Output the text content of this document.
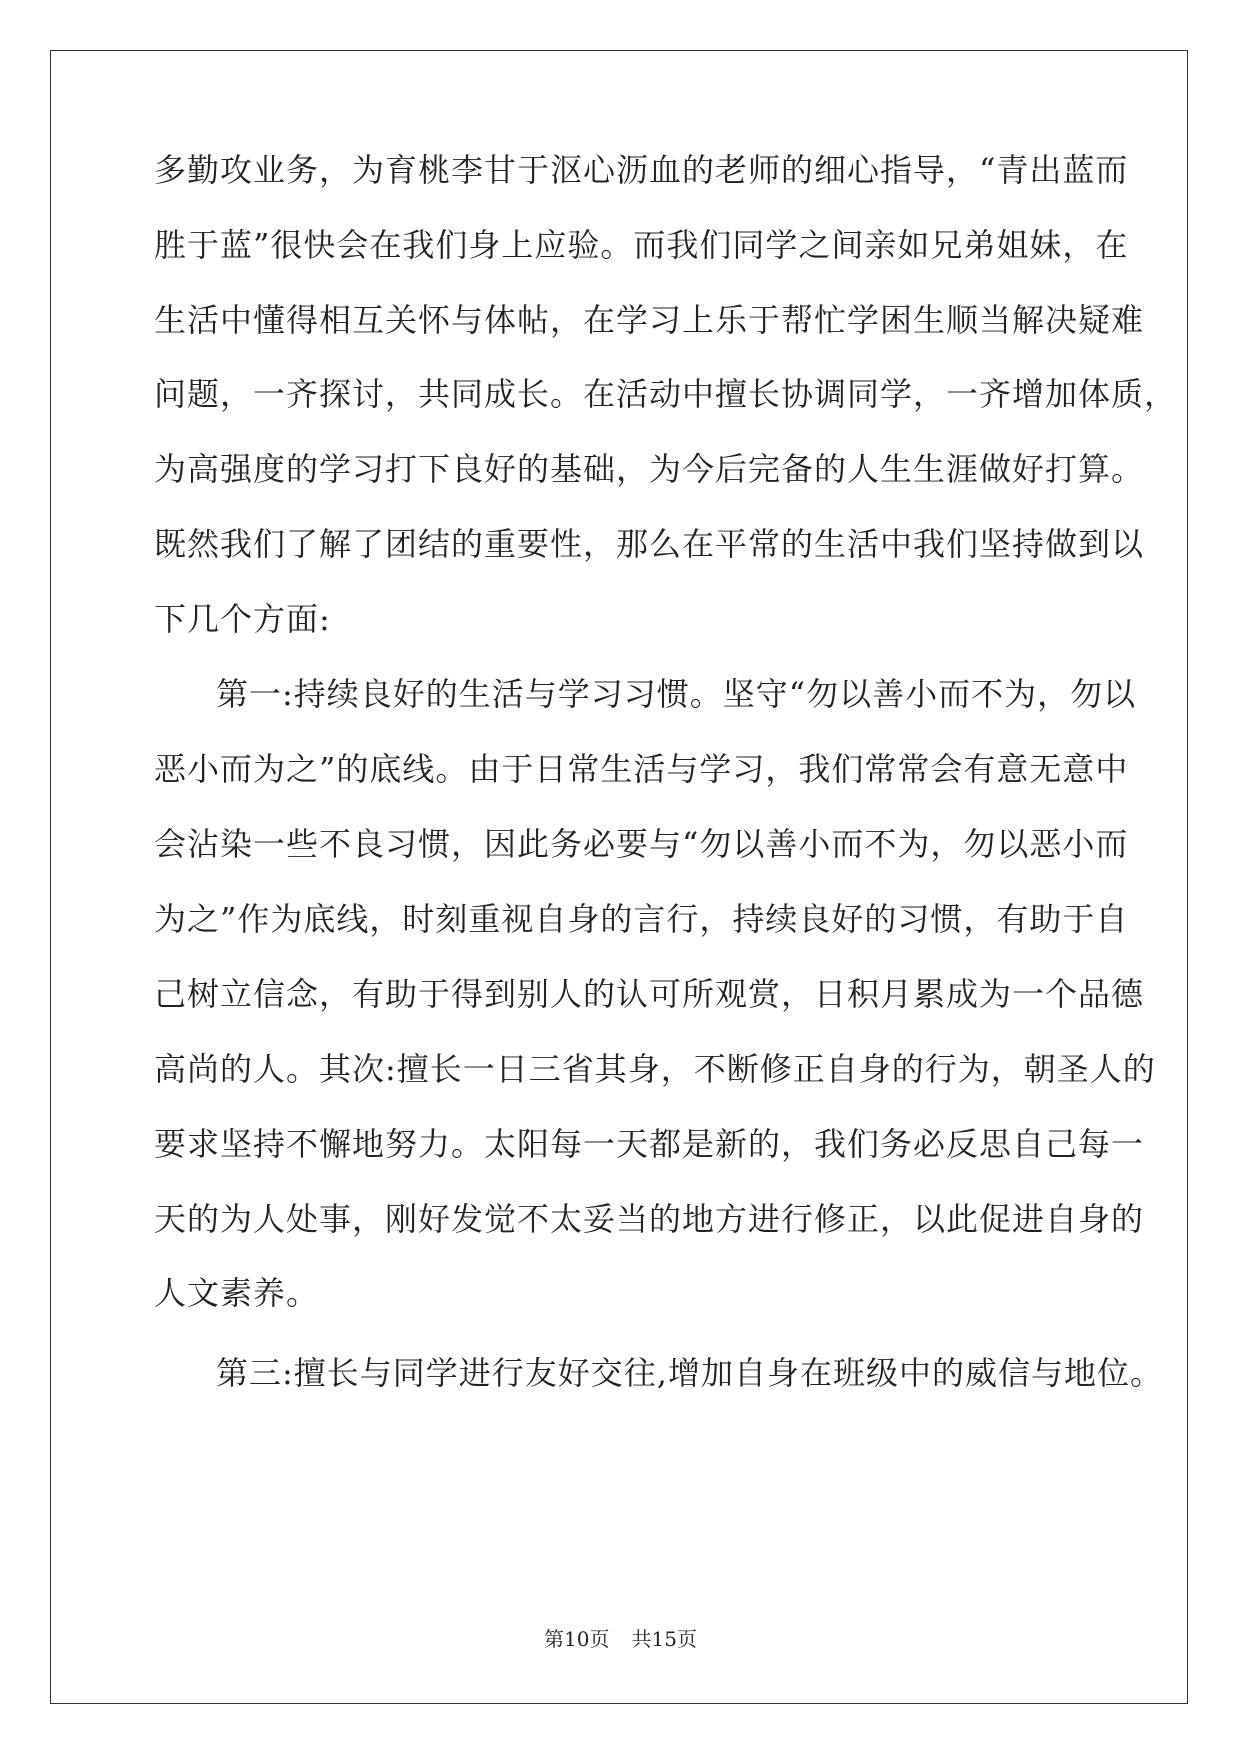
多勤攻业务，为育桃李甘于沤心沥血的老师的细心指导，“青出蓝而
胜于蓝”很快会在我们身上应验。而我们同学之间亲如兄弟姐妹，在
生活中懂得相互关怀与体帖，在学习上乐于帮忙学困生顺当解决疑难
问题，一齐探讨，共同成长。在活动中擅长协调同学，一齐增加体质，
为高强度的学习打下良好的基础，为今后完备的人生生涯做好打算。
既然我们了解了团结的重要性，那么在平常的生活中我们坚持做到以
下几个方面:
第一:持续良好的生活与学习习惯。坚守“勿以善小而不为，勿以
恶小而为之”的底线。由于日常生活与学习，我们常常会有意无意中
会沾染一些不良习惯，因此务必要与“勿以善小而不为，勿以恶小而
为之”作为底线，时刻重视自身的言行，持续良好的习惯，有助于自
己树立信念，有助于得到别人的认可所观赏，日积月累成为一个品德
高尚的人。其次:擅长一日三省其身，不断修正自身的行为，朝圣人的
要求坚持不懈地努力。太阳每一天都是新的，我们务必反思自己每一
天的为人处事，刚好发觉不太妥当的地方进行修正，以此促进自身的
人文素养。
第三:擅长与同学进行友好交往,增加自身在班级中的威信与地位。
第10页 共15页
